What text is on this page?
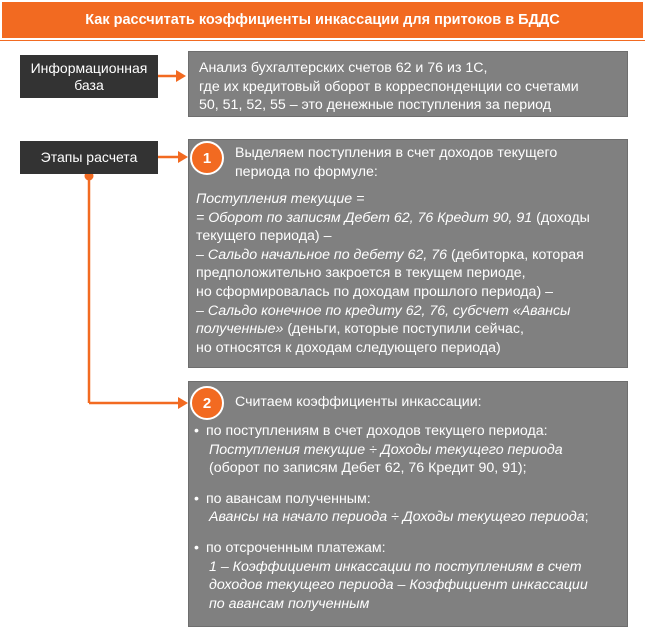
Как рассчитать коэффициенты инкассации для притоков в БДДС
Информационная база
Анализ бухгалтерских счетов 62 и 76 из 1С,
где их кредитовый оборот в корреспонденции со счетами
50, 51, 52, 55 – это денежные поступления за период
Этапы расчета	1 Выделяем поступления в счет доходов текущего периода по формуле:
Поступления текущие =
= Оборот по записям Дебет 62, 76 Кредит 90, 91 (доходы
текущего периода) –
– Сальдо начальное по дебету 62, 76 (дебиторка, которая
предположительно закроется в текущем периоде,
но сформировалась по доходам прошлого периода) –
– Сальдо конечное по кредиту 62, 76, субсчет «Авансы
полученные» (деньги, которые поступили сейчас,
но относятся к доходам следующего периода)
2 Считаем коэффициенты инкассации:
• по поступлениям в счет доходов текущего периода:
Поступления текущие ÷ Доходы текущего периода
(оборот по записям Дебет 62, 76 Кредит 90, 91);
• по авансам полученным:
Авансы на начало периода ÷ Доходы текущего периода;
• по отсроченным платежам:
1 – Коэффициент инкассации по поступлениям в счет
доходов текущего периода – Коэффициент инкассации
по авансам полученным
